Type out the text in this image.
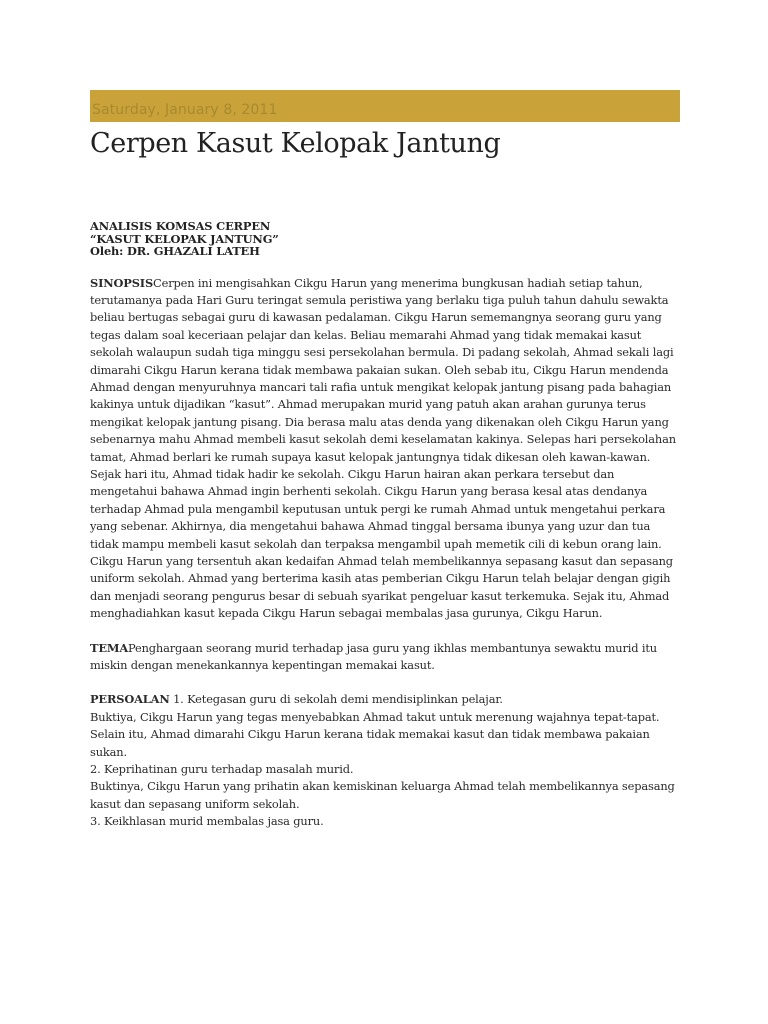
Saturday, January 8, 2011
Cerpen Kasut Kelopak Jantung
ANALISIS KOMSAS CERPEN
“KASUT KELOPAK JANTUNG”
Oleh: DR. GHAZALI LATEH

SINOPSISCerpen ini mengisahkan Cikgu Harun yang menerima bungkusan hadiah setiap tahun, terutamanya pada Hari Guru teringat semula peristiwa yang berlaku tiga puluh tahun dahulu sewakta beliau bertugas sebagai guru di kawasan pedalaman. Cikgu Harun sememangnya seorang guru yang tegas dalam soal keceriaan pelajar dan kelas. Beliau memarahi Ahmad yang tidak memakai kasut sekolah walaupun sudah tiga minggu sesi persekolahan bermula. Di padang sekolah, Ahmad sekali lagi dimarahi Cikgu Harun kerana tidak membawa pakaian sukan. Oleh sebab itu, Cikgu Harun mendenda Ahmad dengan menyuruhnya mancari tali rafia untuk mengikat kelopak jantung pisang pada bahagian kakinya untuk dijadikan “kasut”. Ahmad merupakan murid yang patuh akan arahan gurunya terus mengikat kelopak jantung pisang. Dia berasa malu atas denda yang dikenakan oleh Cikgu Harun yang sebenarnya mahu Ahmad membeli kasut sekolah demi keselamatan kakinya. Selepas hari persekolahan tamat, Ahmad berlari ke rumah supaya kasut kelopak jantungnya tidak dikesan oleh kawan-kawan. Sejak hari itu, Ahmad tidak hadir ke sekolah. Cikgu Harun hairan akan perkara tersebut dan mengetahui bahawa Ahmad ingin berhenti sekolah. Cikgu Harun yang berasa kesal atas dendanya terhadap Ahmad pula mengambil keputusan untuk pergi ke rumah Ahmad untuk mengetahui perkara yang sebenar. Akhirnya, dia mengetahui bahawa Ahmad tinggal bersama ibunya yang uzur dan tua tidak mampu membeli kasut sekolah dan terpaksa mengambil upah memetik cili di kebun orang lain. Cikgu Harun yang tersentuh akan kedaifan Ahmad telah membelikannya sepasang kasut dan sepasang uniform sekolah. Ahmad yang berterima kasih atas pemberian Cikgu Harun telah belajar dengan gigih dan menjadi seorang pengurus besar di sebuah syarikat pengeluar kasut terkemuka. Sejak itu, Ahmad menghadiahkan kasut kepada Cikgu Harun sebagai membalas jasa gurunya, Cikgu Harun.

TEMAPenghargaan seorang murid terhadap jasa guru yang ikhlas membantunya sewaktu murid itu miskin dengan menekankannya kepentingan memakai kasut.

PERSOALAN 1. Ketegasan guru di sekolah demi mendisiplinkan pelajar.
Buktiya, Cikgu Harun yang tegas menyebabkan Ahmad takut untuk merenung wajahnya tepat-tapat. Selain itu, Ahmad dimarahi Cikgu Harun kerana tidak memakai kasut dan tidak membawa pakaian sukan.
2. Keprihatinan guru terhadap masalah murid.
Buktinya, Cikgu Harun yang prihatin akan kemiskinan keluarga Ahmad telah membelikannya sepasang kasut dan sepasang uniform sekolah.
3. Keikhlasan murid membalas jasa guru.
